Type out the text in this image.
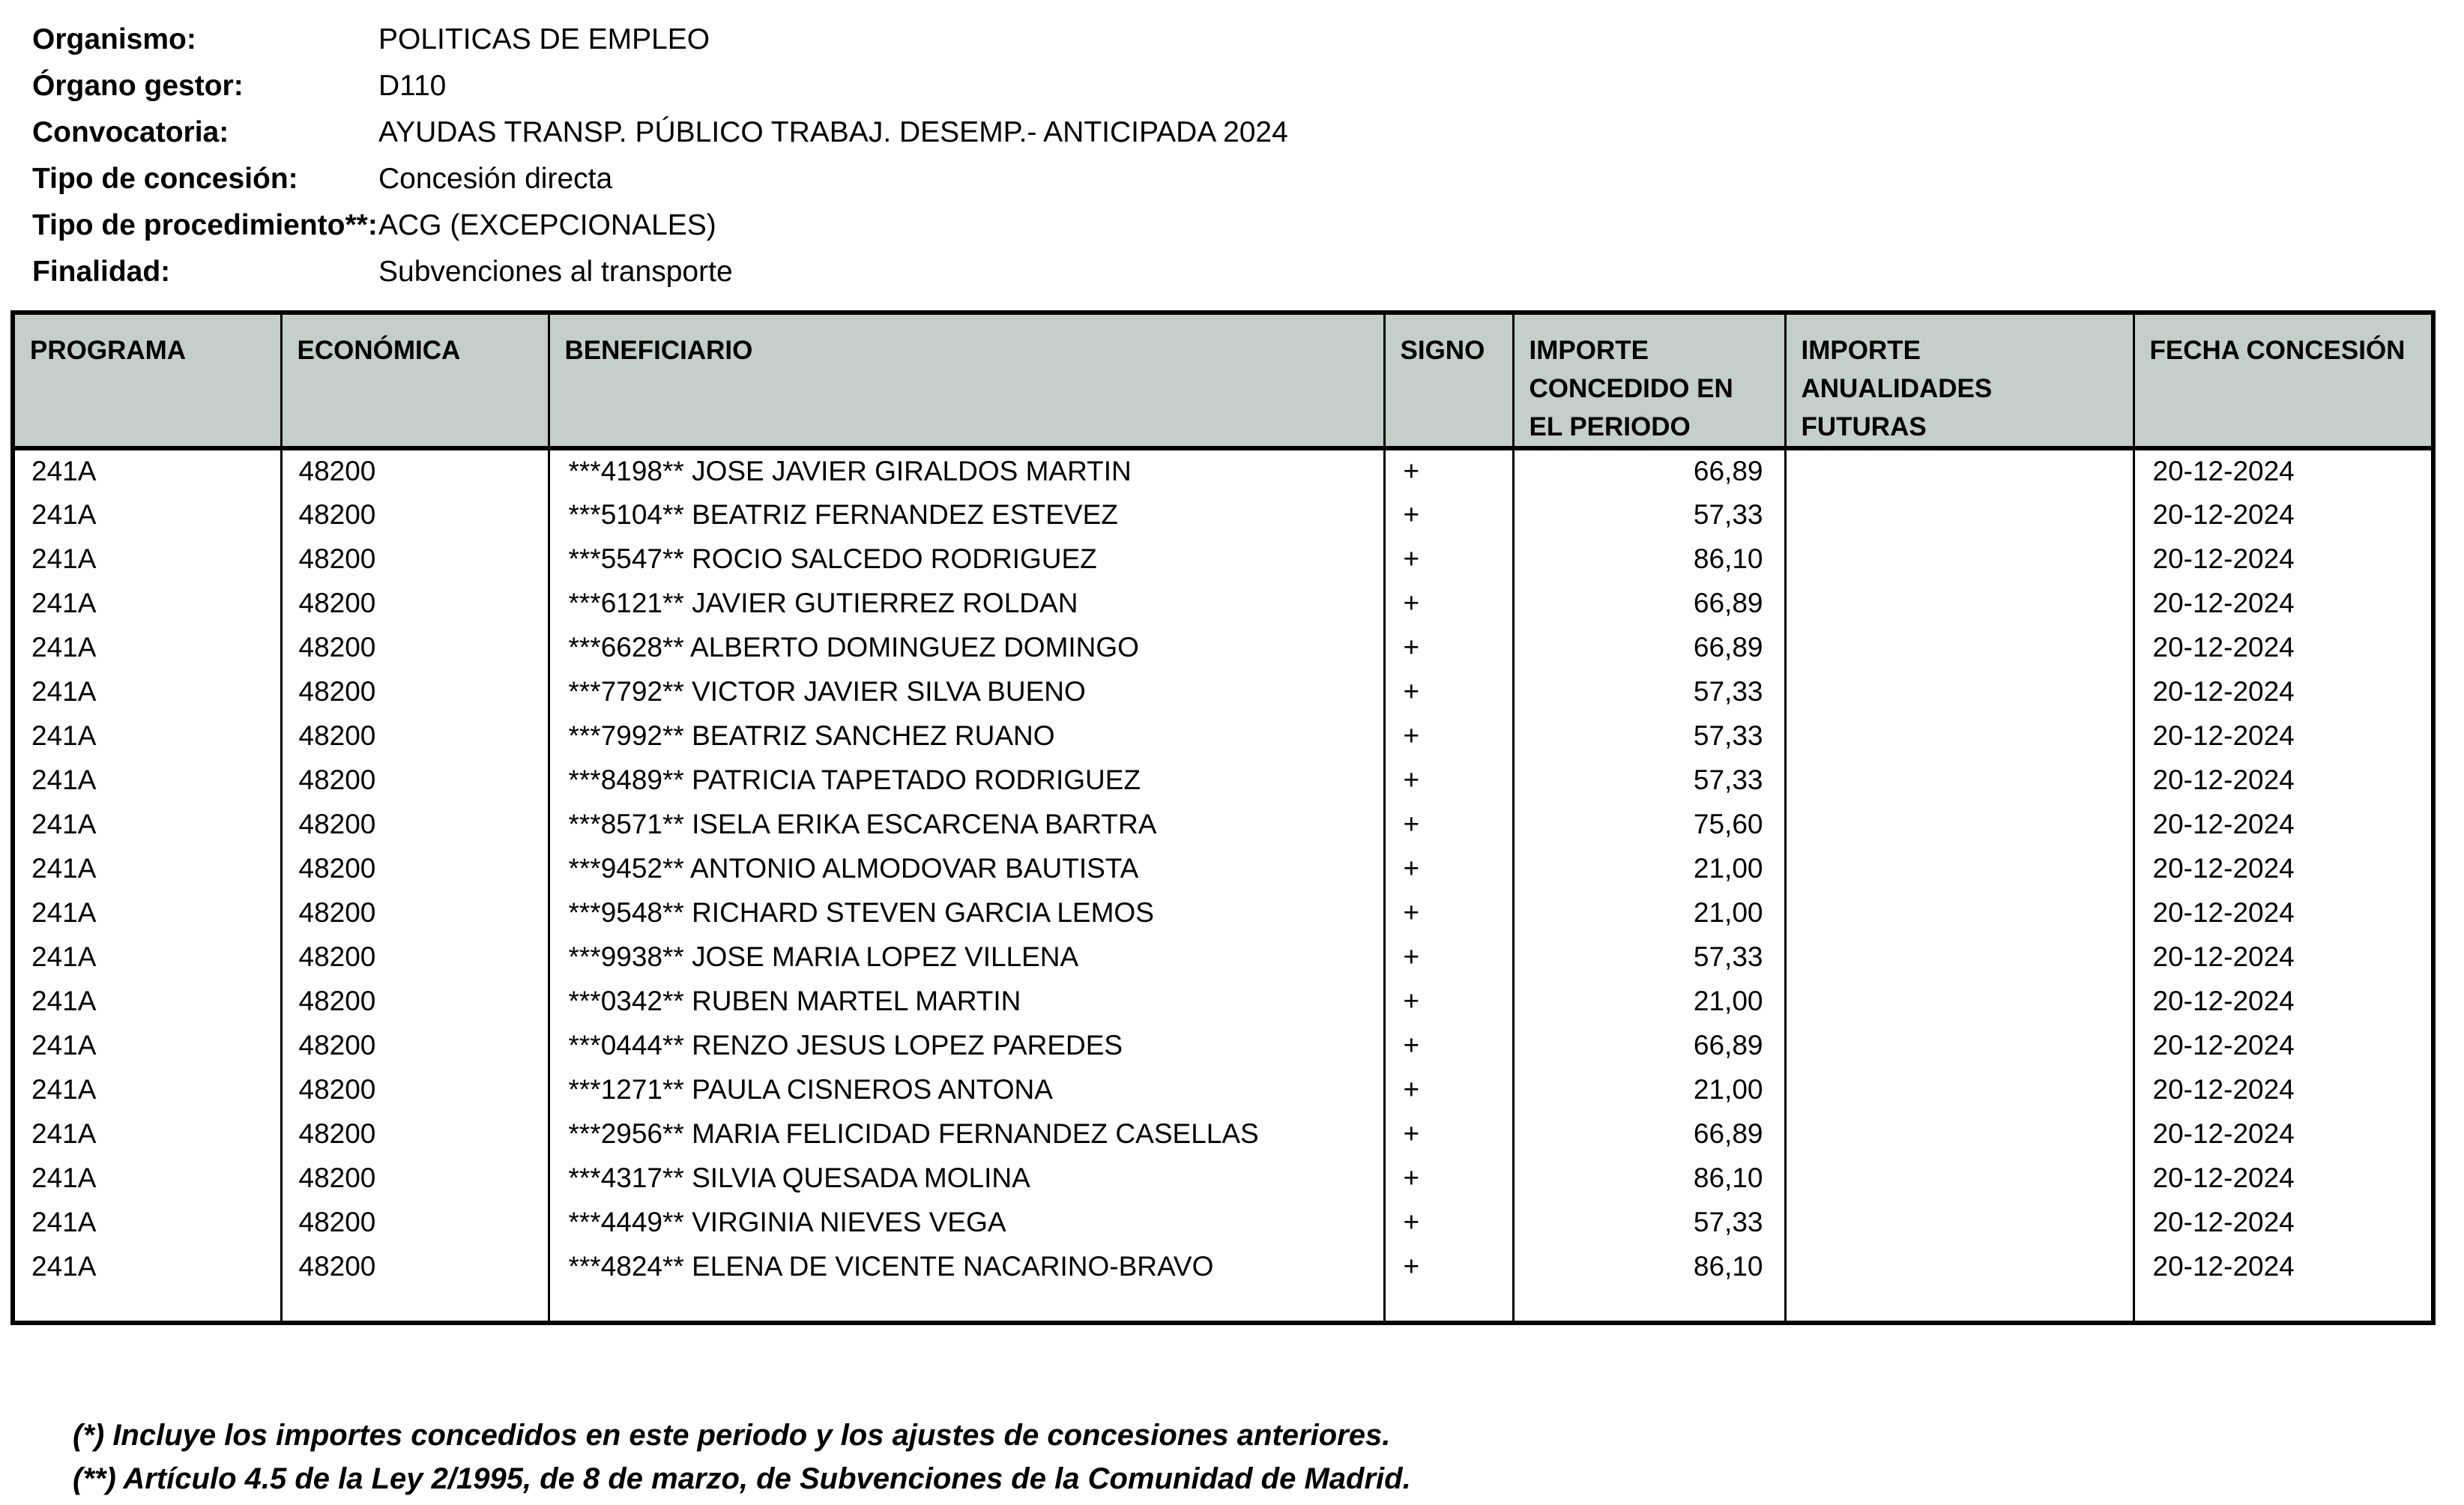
Organismo:	POLITICAS DE EMPLEO
Órgano gestor:	D110
Convocatoria:	AYUDAS TRANSP. PÚBLICO TRABAJ. DESEMP.- ANTICIPADA 2024
Tipo de concesión:	Concesión directa
Tipo de procedimiento**: ACG (EXCEPCIONALES)
Finalidad:	Subvenciones al transporte
PROGRAMA	ECONÓMICA	BENEFICIARIO	SIGNO	IMPORTE CONCEDIDO EN EL PERIODO	IMPORTE ANUALIDADES FUTURAS	FECHA CONCESIÓN
241A	48200	***4198** JOSE JAVIER GIRALDOS MARTIN	+	66,89		20-12-2024
241A	48200	***5104** BEATRIZ FERNANDEZ ESTEVEZ	+	57,33		20-12-2024
241A	48200	***5547** ROCIO SALCEDO RODRIGUEZ	+	86,10		20-12-2024
241A	48200	***6121** JAVIER GUTIERREZ ROLDAN	+	66,89		20-12-2024
241A	48200	***6628** ALBERTO DOMINGUEZ DOMINGO	+	66,89		20-12-2024
241A	48200	***7792** VICTOR JAVIER SILVA BUENO	+	57,33		20-12-2024
241A	48200	***7992** BEATRIZ SANCHEZ RUANO	+	57,33		20-12-2024
241A	48200	***8489** PATRICIA TAPETADO RODRIGUEZ	+	57,33		20-12-2024
241A	48200	***8571** ISELA ERIKA ESCARCENA BARTRA	+	75,60		20-12-2024
241A	48200	***9452** ANTONIO ALMODOVAR BAUTISTA	+	21,00		20-12-2024
241A	48200	***9548** RICHARD STEVEN GARCIA LEMOS	+	21,00		20-12-2024
241A	48200	***9938** JOSE MARIA LOPEZ VILLENA	+	57,33		20-12-2024
241A	48200	***0342** RUBEN MARTEL MARTIN	+	21,00		20-12-2024
241A	48200	***0444** RENZO JESUS LOPEZ PAREDES	+	66,89		20-12-2024
241A	48200	***1271** PAULA CISNEROS ANTONA	+	21,00		20-12-2024
241A	48200	***2956** MARIA FELICIDAD FERNANDEZ CASELLAS	+	66,89		20-12-2024
241A	48200	***4317** SILVIA QUESADA MOLINA	+	86,10		20-12-2024
241A	48200	***4449** VIRGINIA NIEVES VEGA	+	57,33		20-12-2024
241A	48200	***4824** ELENA DE VICENTE NACARINO-BRAVO	+	86,10		20-12-2024

(*) Incluye los importes concedidos en este periodo y los ajustes de concesiones anteriores.
(**) Artículo 4.5 de la Ley 2/1995, de 8 de marzo, de Subvenciones de la Comunidad de Madrid.
